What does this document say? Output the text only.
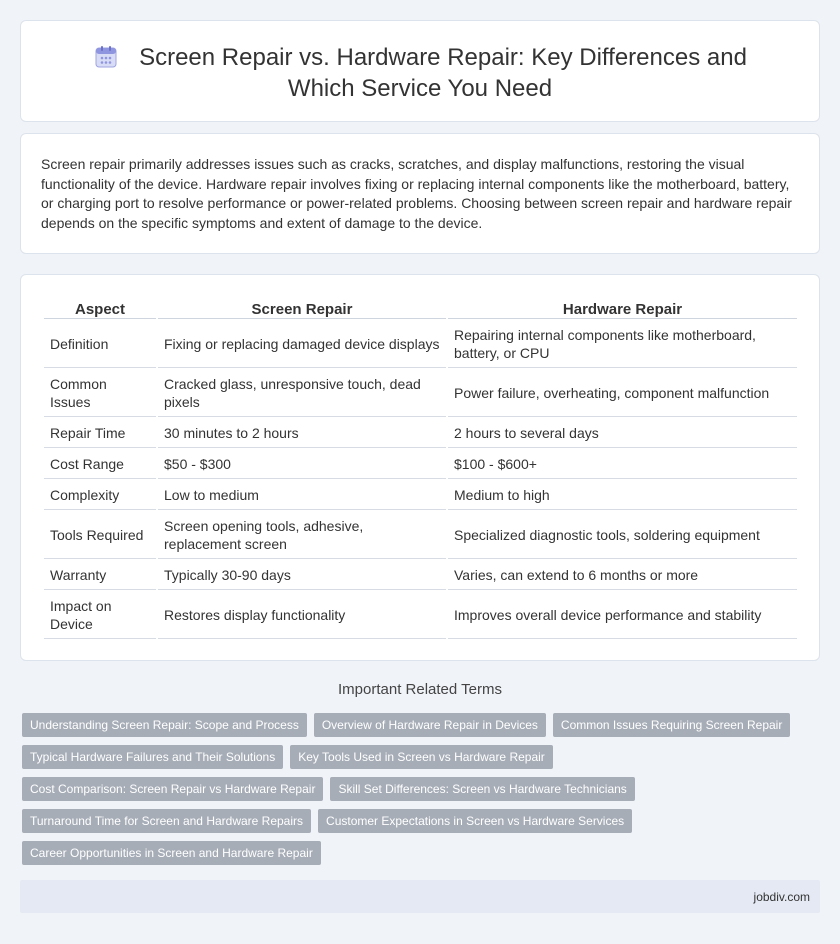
Screen Repair vs. Hardware Repair: Key Differences and Which Service You Need

Screen repair primarily addresses issues such as cracks, scratches, and display malfunctions, restoring the visual functionality of the device. Hardware repair involves fixing or replacing internal components like the motherboard, battery, or charging port to resolve performance or power-related problems. Choosing between screen repair and hardware repair depends on the specific symptoms and extent of damage to the device.

Aspect	Screen Repair	Hardware Repair
Definition	Fixing or replacing damaged device displays	Repairing internal components like motherboard, battery, or CPU
Common Issues	Cracked glass, unresponsive touch, dead pixels	Power failure, overheating, component malfunction
Repair Time	30 minutes to 2 hours	2 hours to several days
Cost Range	$50 - $300	$100 - $600+
Complexity	Low to medium	Medium to high
Tools Required	Screen opening tools, adhesive, replacement screen	Specialized diagnostic tools, soldering equipment
Warranty	Typically 30-90 days	Varies, can extend to 6 months or more
Impact on Device	Restores display functionality	Improves overall device performance and stability
Important Related Terms
Understanding Screen Repair: Scope and Process	Overview of Hardware Repair in Devices	Common Issues Requiring Screen Repair
Typical Hardware Failures and Their Solutions	Key Tools Used in Screen vs Hardware Repair
Cost Comparison: Screen Repair vs Hardware Repair	Skill Set Differences: Screen vs Hardware Technicians
Turnaround Time for Screen and Hardware Repairs	Customer Expectations in Screen vs Hardware Services
Career Opportunities in Screen and Hardware Repair
jobdiv.com
